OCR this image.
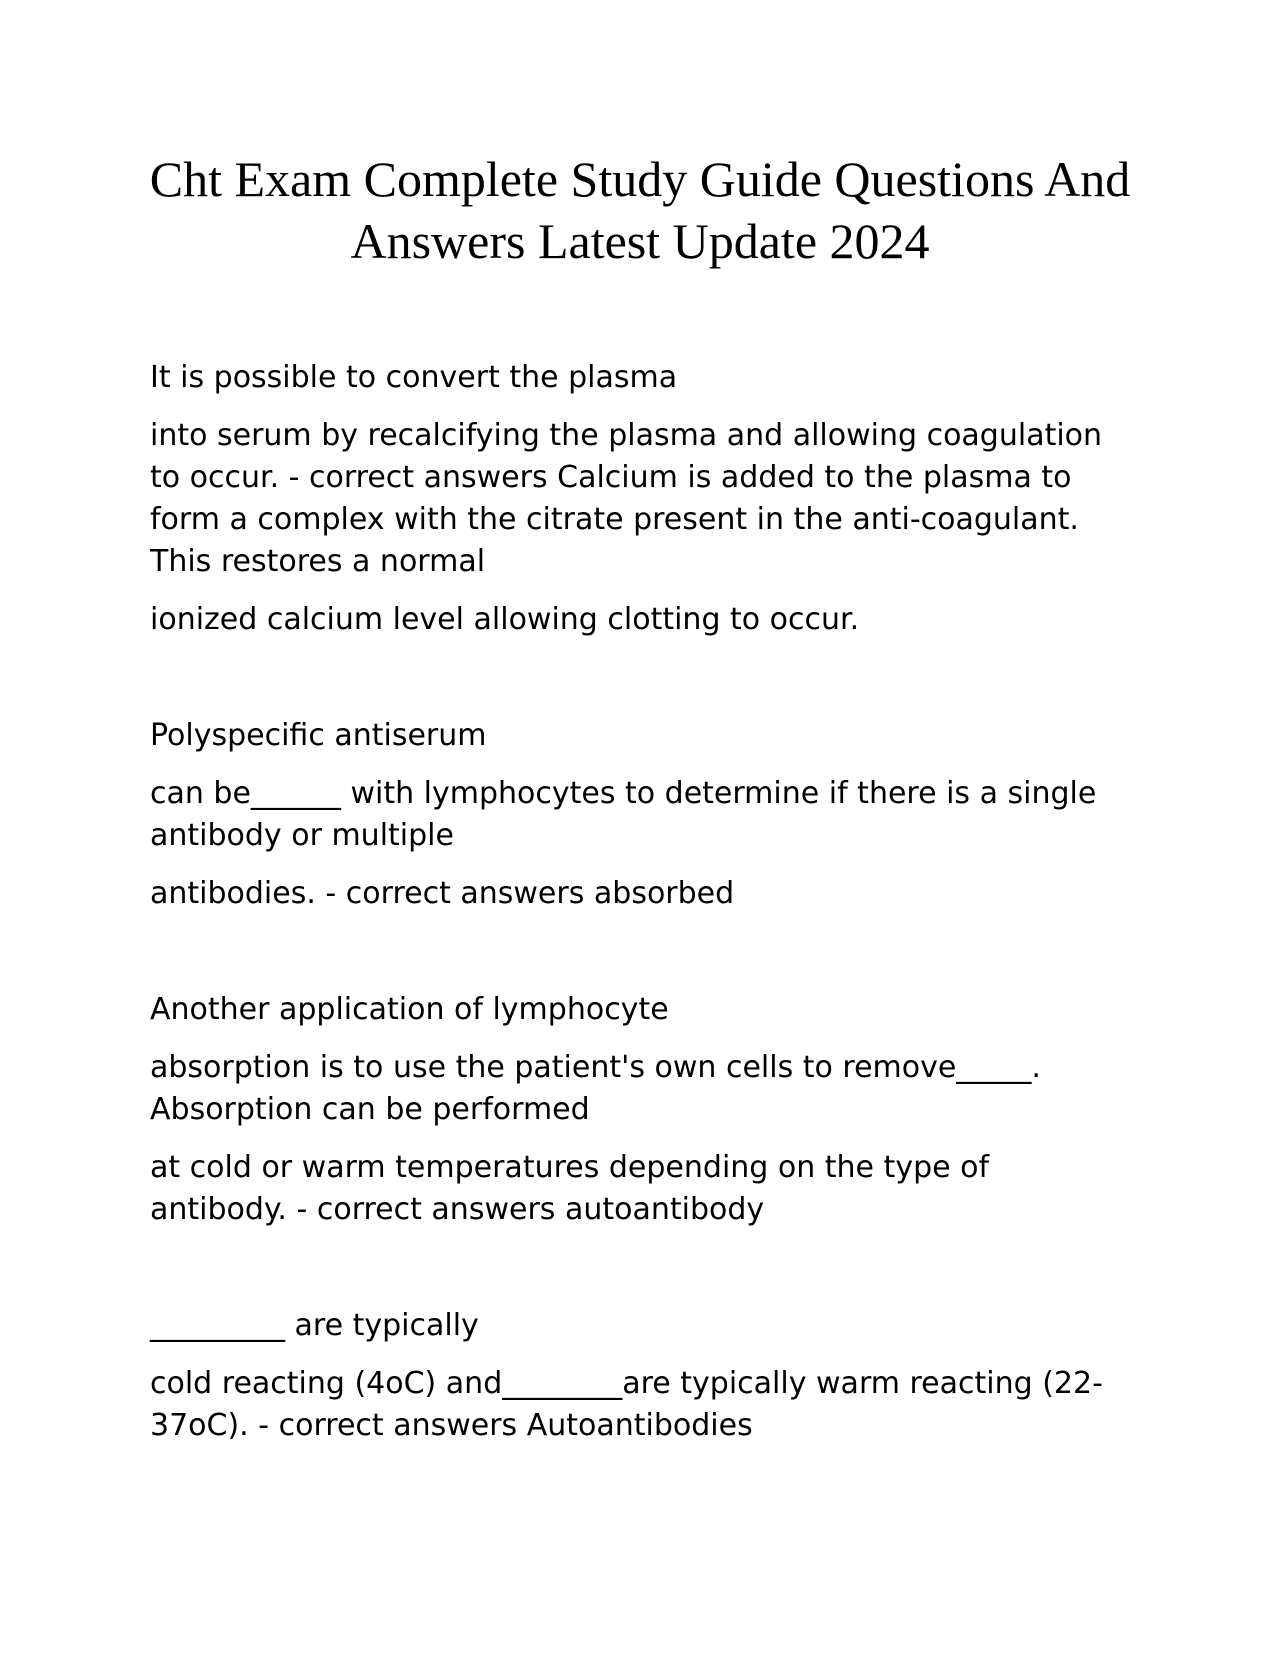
Cht Exam Complete Study Guide Questions And Answers Latest Update 2024

It is possible to convert the plasma

into serum by recalcifying the plasma and allowing coagulation to occur. - correct answers Calcium is added to the plasma to form a complex with the citrate present in the anti-coagulant. This restores a normal

ionized calcium level allowing clotting to occur.

Polyspecific antiserum

can be______ with lymphocytes to determine if there is a single antibody or multiple

antibodies. - correct answers absorbed

Another application of lymphocyte

absorption is to use the patient's own cells to remove_____. Absorption can be performed

at cold or warm temperatures depending on the type of antibody. - correct answers autoantibody

_________ are typically

cold reacting (4oC) and________are typically warm reacting (22-37oC). - correct answers Autoantibodies
